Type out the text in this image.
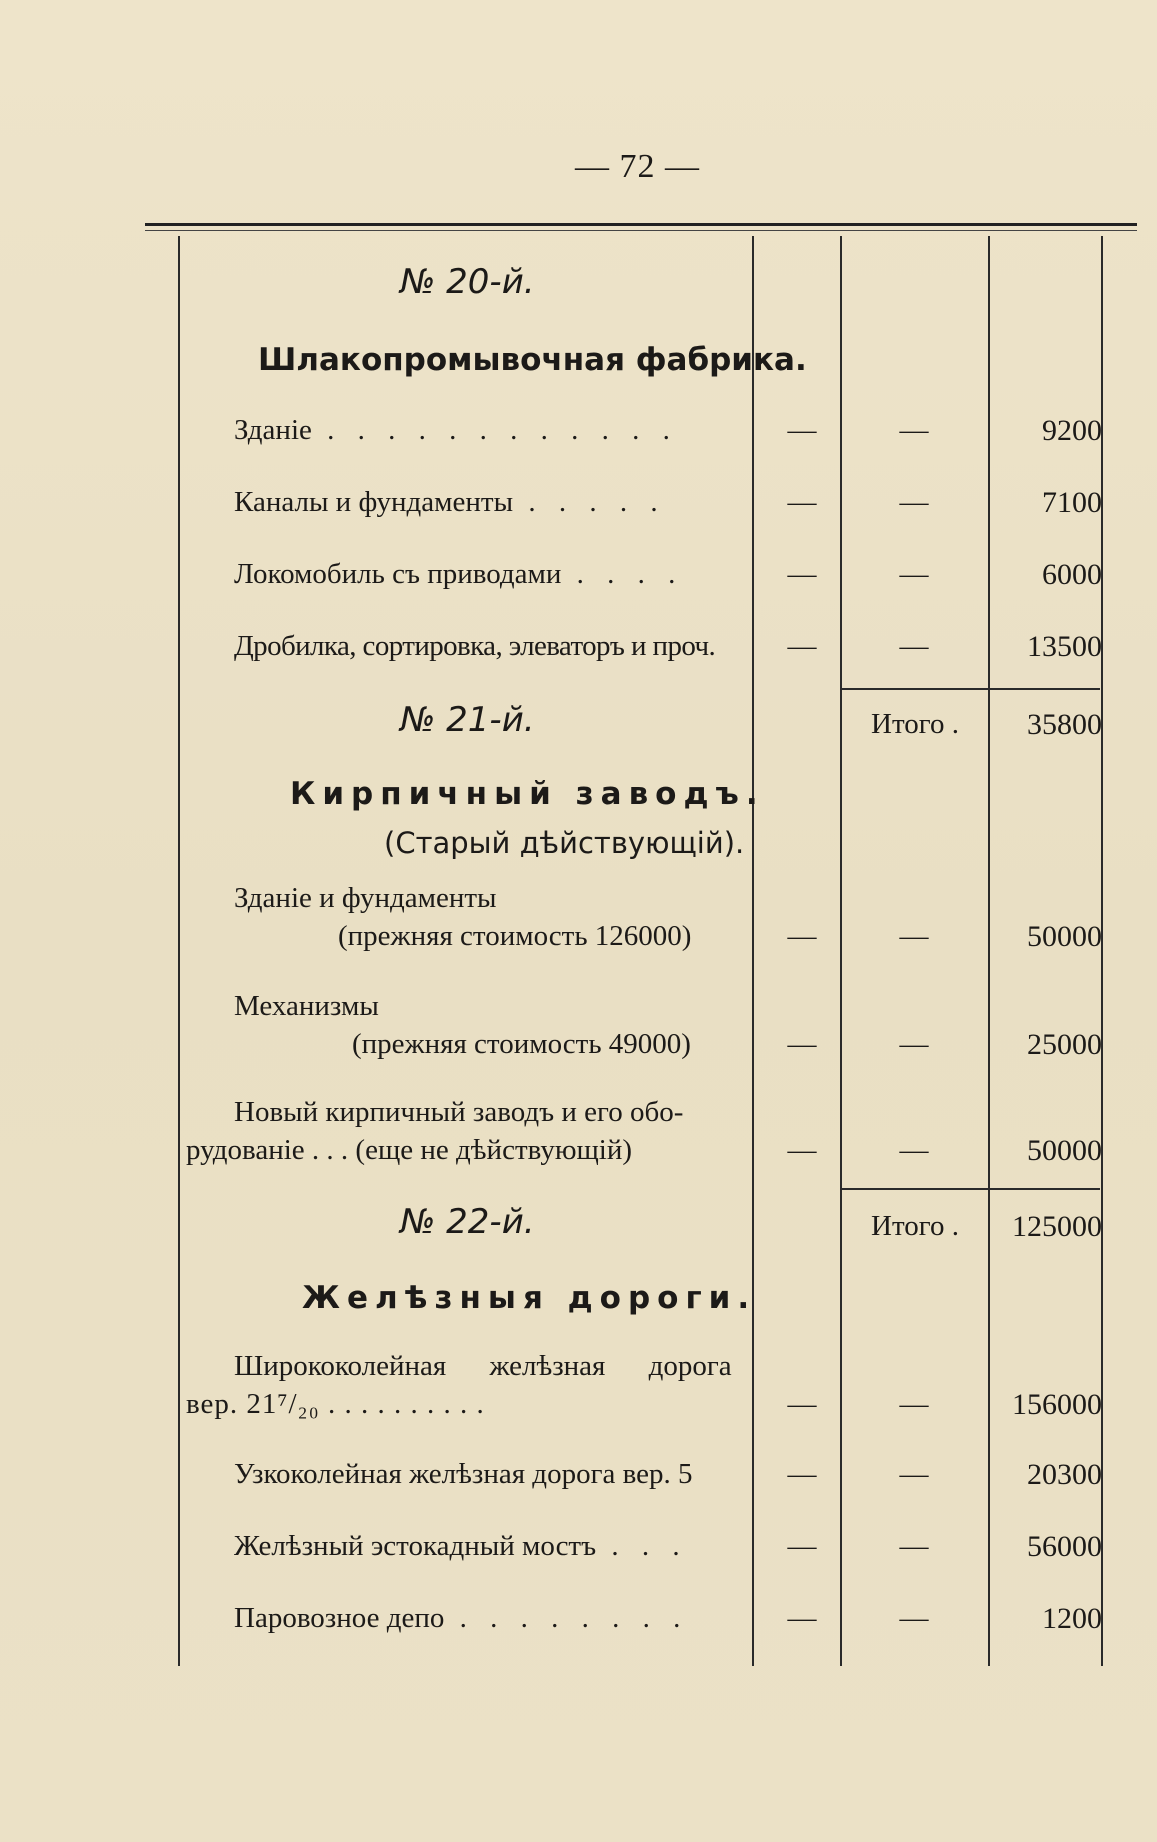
— 72 —
№ 20-й.
Шлакопромывочная фабрика.
Зданіе . . . . . . . . . . . .	—	—	9200
Каналы и фундаменты . . . . .	—	—	7100
Локомобиль съ приводами . . . .	—	—	6000
Дробилка, сортировка, элеваторъ и проч.	—	—	13500
Итого .	35800
№ 21-й.
Кирпичный заводъ.
(Старый дѣйствующій).
Зданіе и фундаменты
(прежняя стоимость 126000)	—	—	50000
Механизмы
(прежняя стоимость 49000)	—	—	25000
Новый кирпичный заводъ и его обо-
рудованіе . . . (еще не дѣйствующій)	—	—	50000
Итого .	125000
№ 22-й.
Желѣзныя дороги.
Ширококолейная желѣзная дорога
вер. 21⁷/₂₀ . . . . . . . . . .	—	—	156000
Узкоколейная желѣзная дорога вер. 5	—	—	20300
Желѣзный эстокадный мостъ . . .	—	—	56000
Паровозное депо . . . . . . . .	—	—	1200
